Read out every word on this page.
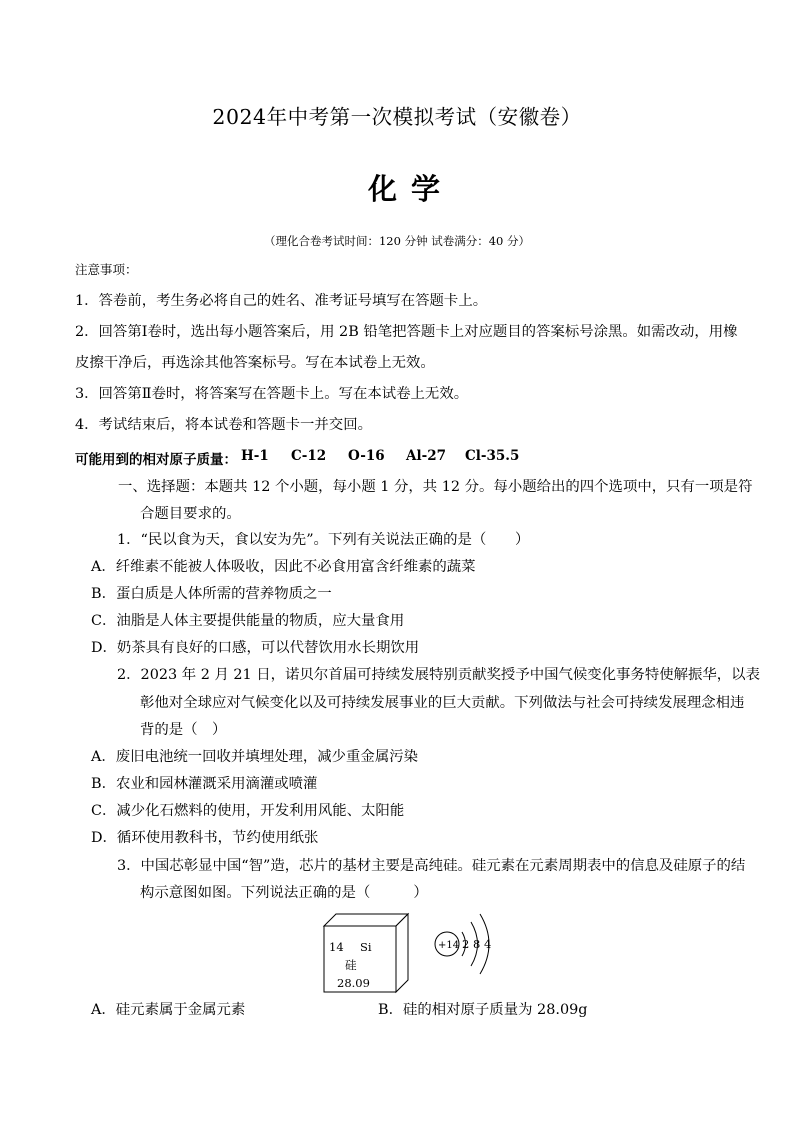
2024年中考第一次模拟考试（安徽卷）
化学
（理化合卷考试时间：120 分钟 试卷满分：40 分）
注意事项：
1．答卷前，考生务必将自己的姓名、准考证号填写在答题卡上。
2．回答第Ⅰ卷时，选出每小题答案后，用 2B 铅笔把答题卡上对应题目的答案标号涂黑。如需改动，用橡
皮擦干净后，再选涂其他答案标号。写在本试卷上无效。
3．回答第Ⅱ卷时，将答案写在答题卡上。写在本试卷上无效。
4．考试结束后，将本试卷和答题卡一并交回。
可能用到的相对原子质量： H-1 C-12 O-16 Al-27 Cl-35.5
一、选择题：本题共 12 个小题，每小题 1 分，共 12 分。每小题给出的四个选项中，只有一项是符
合题目要求的。
1．“民以食为天，食以安为先”。下列有关说法正确的是（　　）
A．纤维素不能被人体吸收，因此不必食用富含纤维素的蔬菜
B．蛋白质是人体所需的营养物质之一
C．油脂是人体主要提供能量的物质，应大量食用
D．奶茶具有良好的口感，可以代替饮用水长期饮用
2．2023 年 2 月 21 日，诺贝尔首届可持续发展特别贡献奖授予中国气候变化事务特使解振华，以表
彰他对全球应对气候变化以及可持续发展事业的巨大贡献。下列做法与社会可持续发展理念相违
背的是（　）
A．废旧电池统一回收并填埋处理，减少重金属污染
B．农业和园林灌溉采用滴灌或喷灌
C．减少化石燃料的使用，开发利用风能、太阳能
D．循环使用教科书，节约使用纸张
3．中国芯彰显中国“智”造，芯片的基材主要是高纯硅。硅元素在元素周期表中的信息及硅原子的结
构示意图如图。下列说法正确的是（　　　）
14 Si
硅
28.09
+14 2 8 4
A．硅元素属于金属元素	B．硅的相对原子质量为 28.09g
